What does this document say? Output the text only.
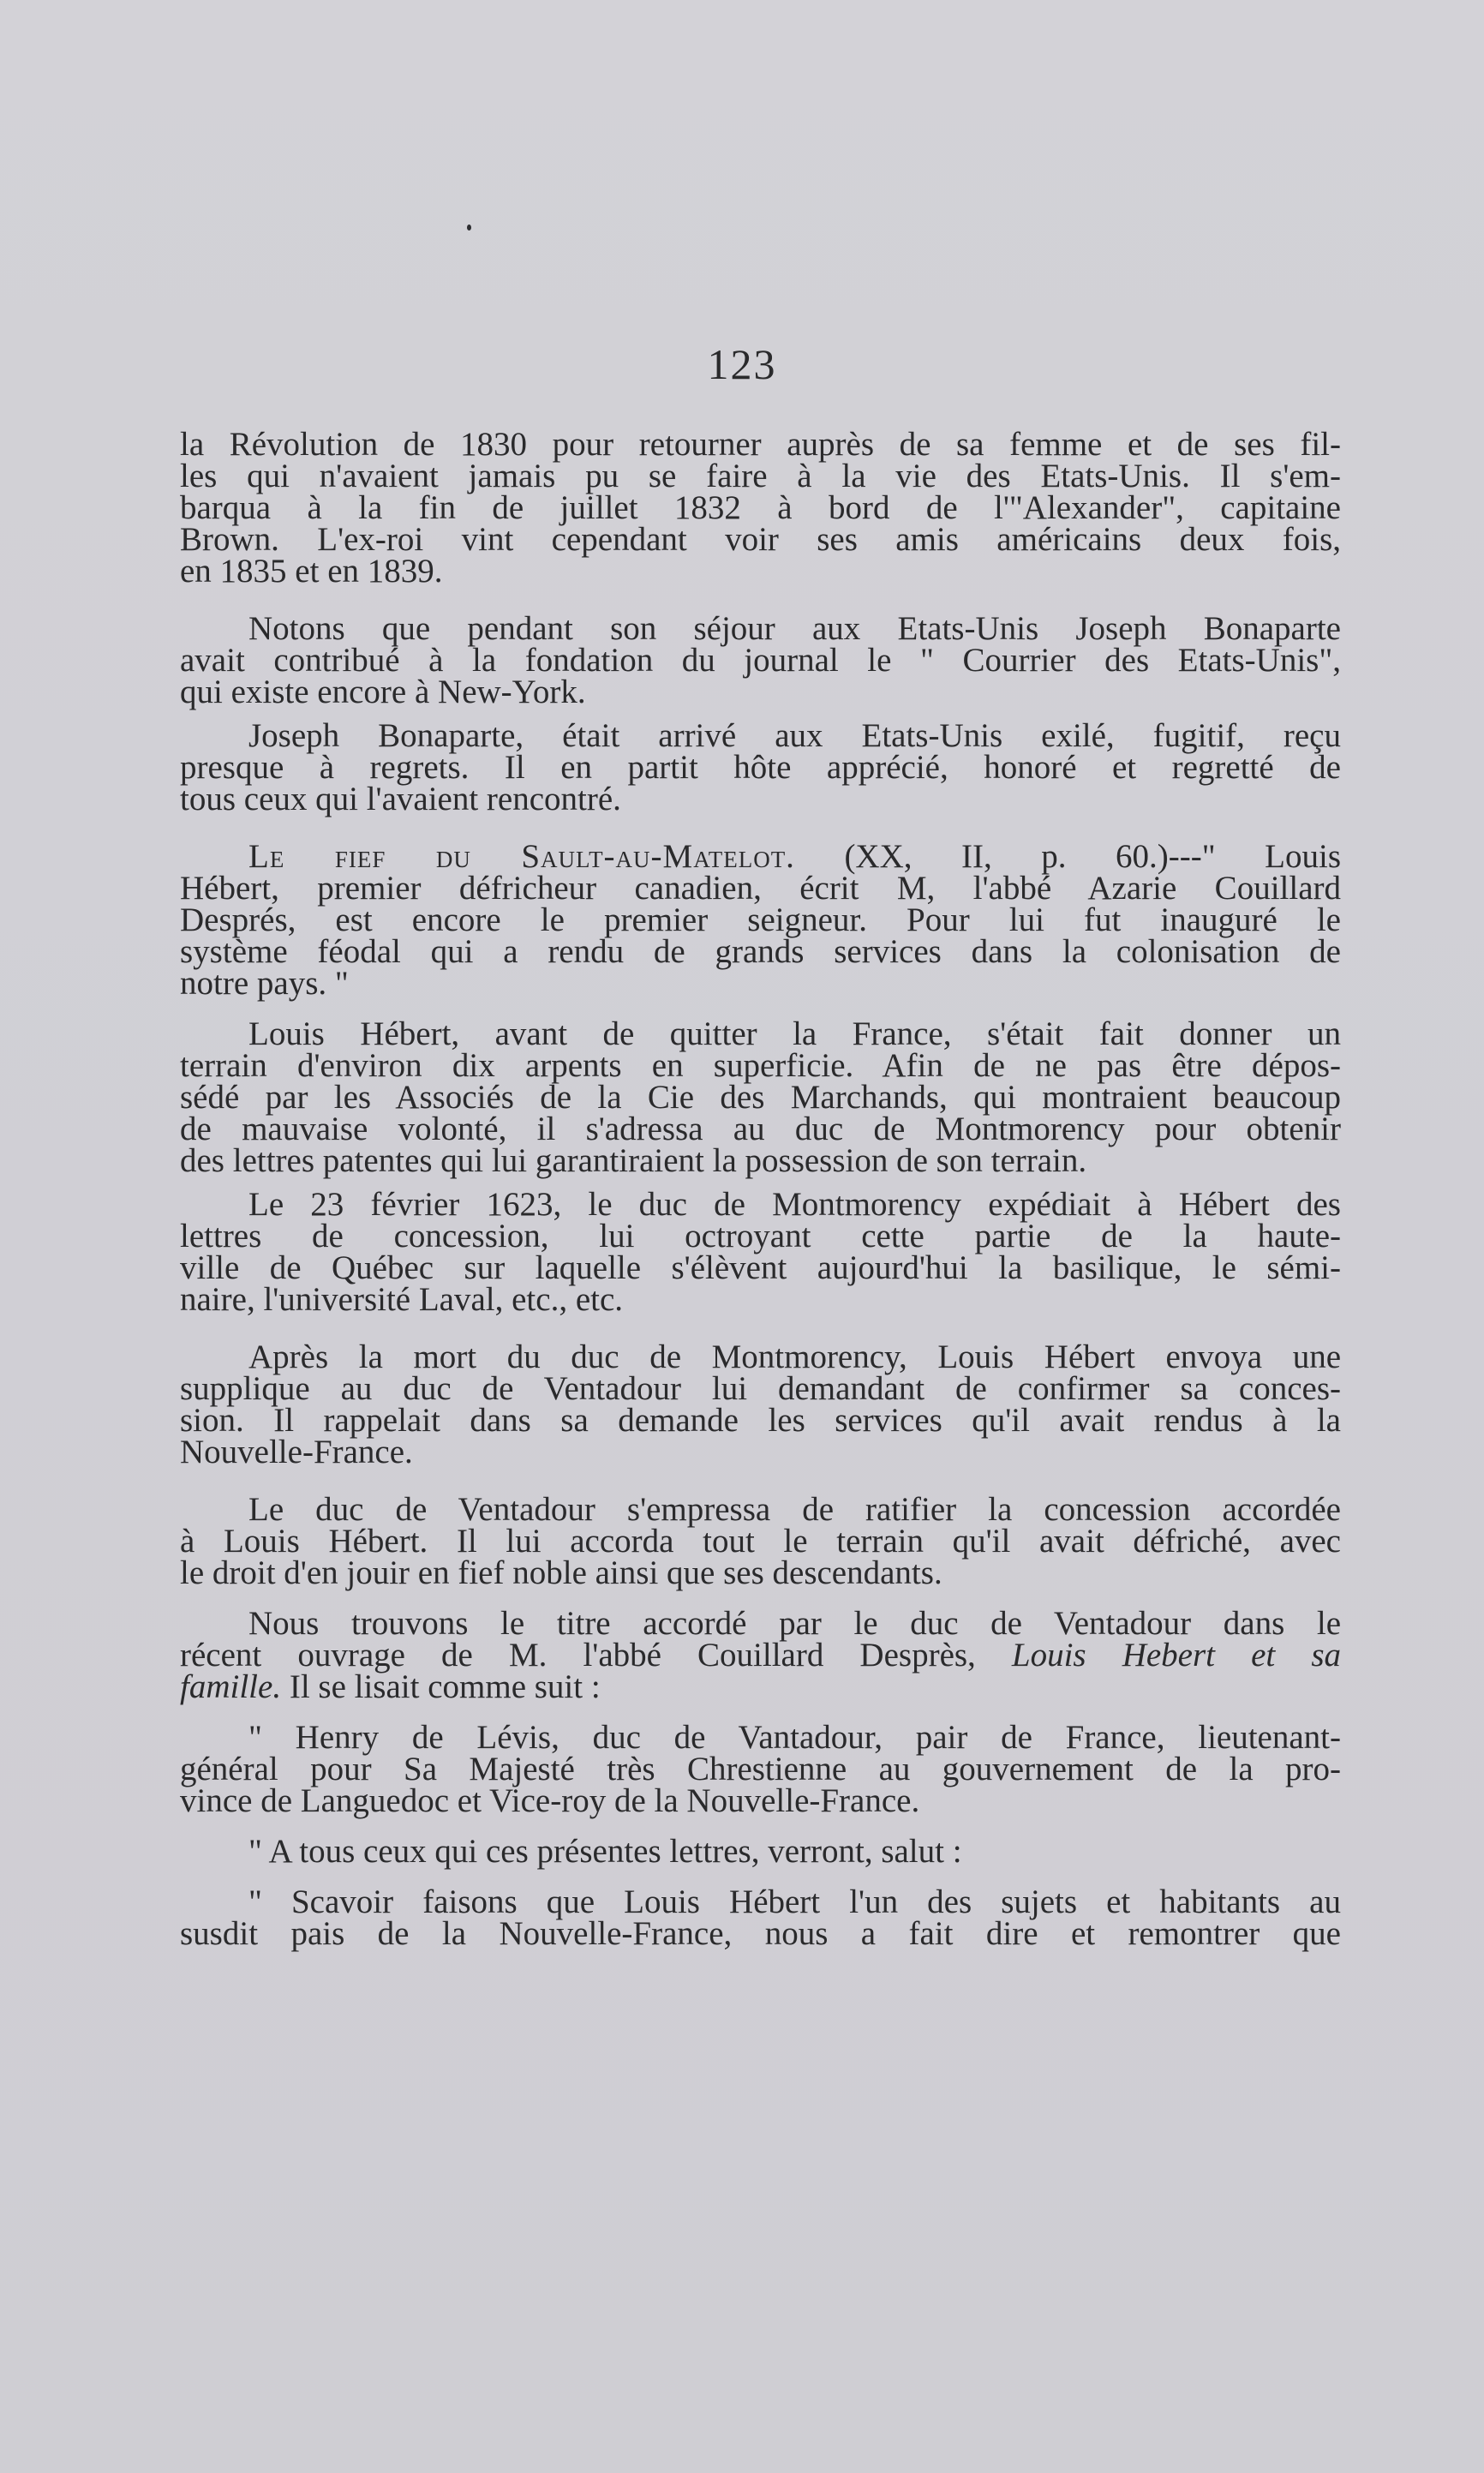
123
la Révolution de 1830 pour retourner auprès de sa femme et de ses fil-
les qui n'avaient jamais pu se faire à la vie des Etats-Unis. Il s'em-
barqua à la fin de juillet 1832 à bord de l'"Alexander", capitaine
Brown. L'ex-roi vint cependant voir ses amis américains deux fois,
en 1835 et en 1839.
Notons que pendant son séjour aux Etats-Unis Joseph Bonaparte
avait contribué à la fondation du journal le " Courrier des Etats-Unis",
qui existe encore à New-York.
Joseph Bonaparte, était arrivé aux Etats-Unis exilé, fugitif, reçu
presque à regrets. Il en partit hôte apprécié, honoré et regretté de
tous ceux qui l'avaient rencontré.
Le fief du Sault-au-Matelot. (XX, II, p. 60.)---" Louis
Hébert, premier défricheur canadien, écrit M, l'abbé Azarie Couillard
Després, est encore le premier seigneur. Pour lui fut inauguré le
système féodal qui a rendu de grands services dans la colonisation de
notre pays. "
Louis Hébert, avant de quitter la France, s'était fait donner un
terrain d'environ dix arpents en superficie. Afin de ne pas être dépos-
sédé par les Associés de la Cie des Marchands, qui montraient beaucoup
de mauvaise volonté, il s'adressa au duc de Montmorency pour obtenir
des lettres patentes qui lui garantiraient la possession de son terrain.
Le 23 février 1623, le duc de Montmorency expédiait à Hébert des
lettres de concession, lui octroyant cette partie de la haute-
ville de Québec sur laquelle s'élèvent aujourd'hui la basilique, le sémi-
naire, l'université Laval, etc., etc.
Après la mort du duc de Montmorency, Louis Hébert envoya une
supplique au duc de Ventadour lui demandant de confirmer sa conces-
sion. Il rappelait dans sa demande les services qu'il avait rendus à la
Nouvelle-France.
Le duc de Ventadour s'empressa de ratifier la concession accordée
à Louis Hébert. Il lui accorda tout le terrain qu'il avait défriché, avec
le droit d'en jouir en fief noble ainsi que ses descendants.
Nous trouvons le titre accordé par le duc de Ventadour dans le
récent ouvrage de M. l'abbé Couillard Desprès, Louis Hebert et sa
famille. Il se lisait comme suit :
" Henry de Lévis, duc de Vantadour, pair de France, lieutenant-
général pour Sa Majesté très Chrestienne au gouvernement de la pro-
vince de Languedoc et Vice-roy de la Nouvelle-France.
" A tous ceux qui ces présentes lettres, verront, salut :
" Scavoir faisons que Louis Hébert l'un des sujets et habitants au
susdit pais de la Nouvelle-France, nous a fait dire et remontrer que
